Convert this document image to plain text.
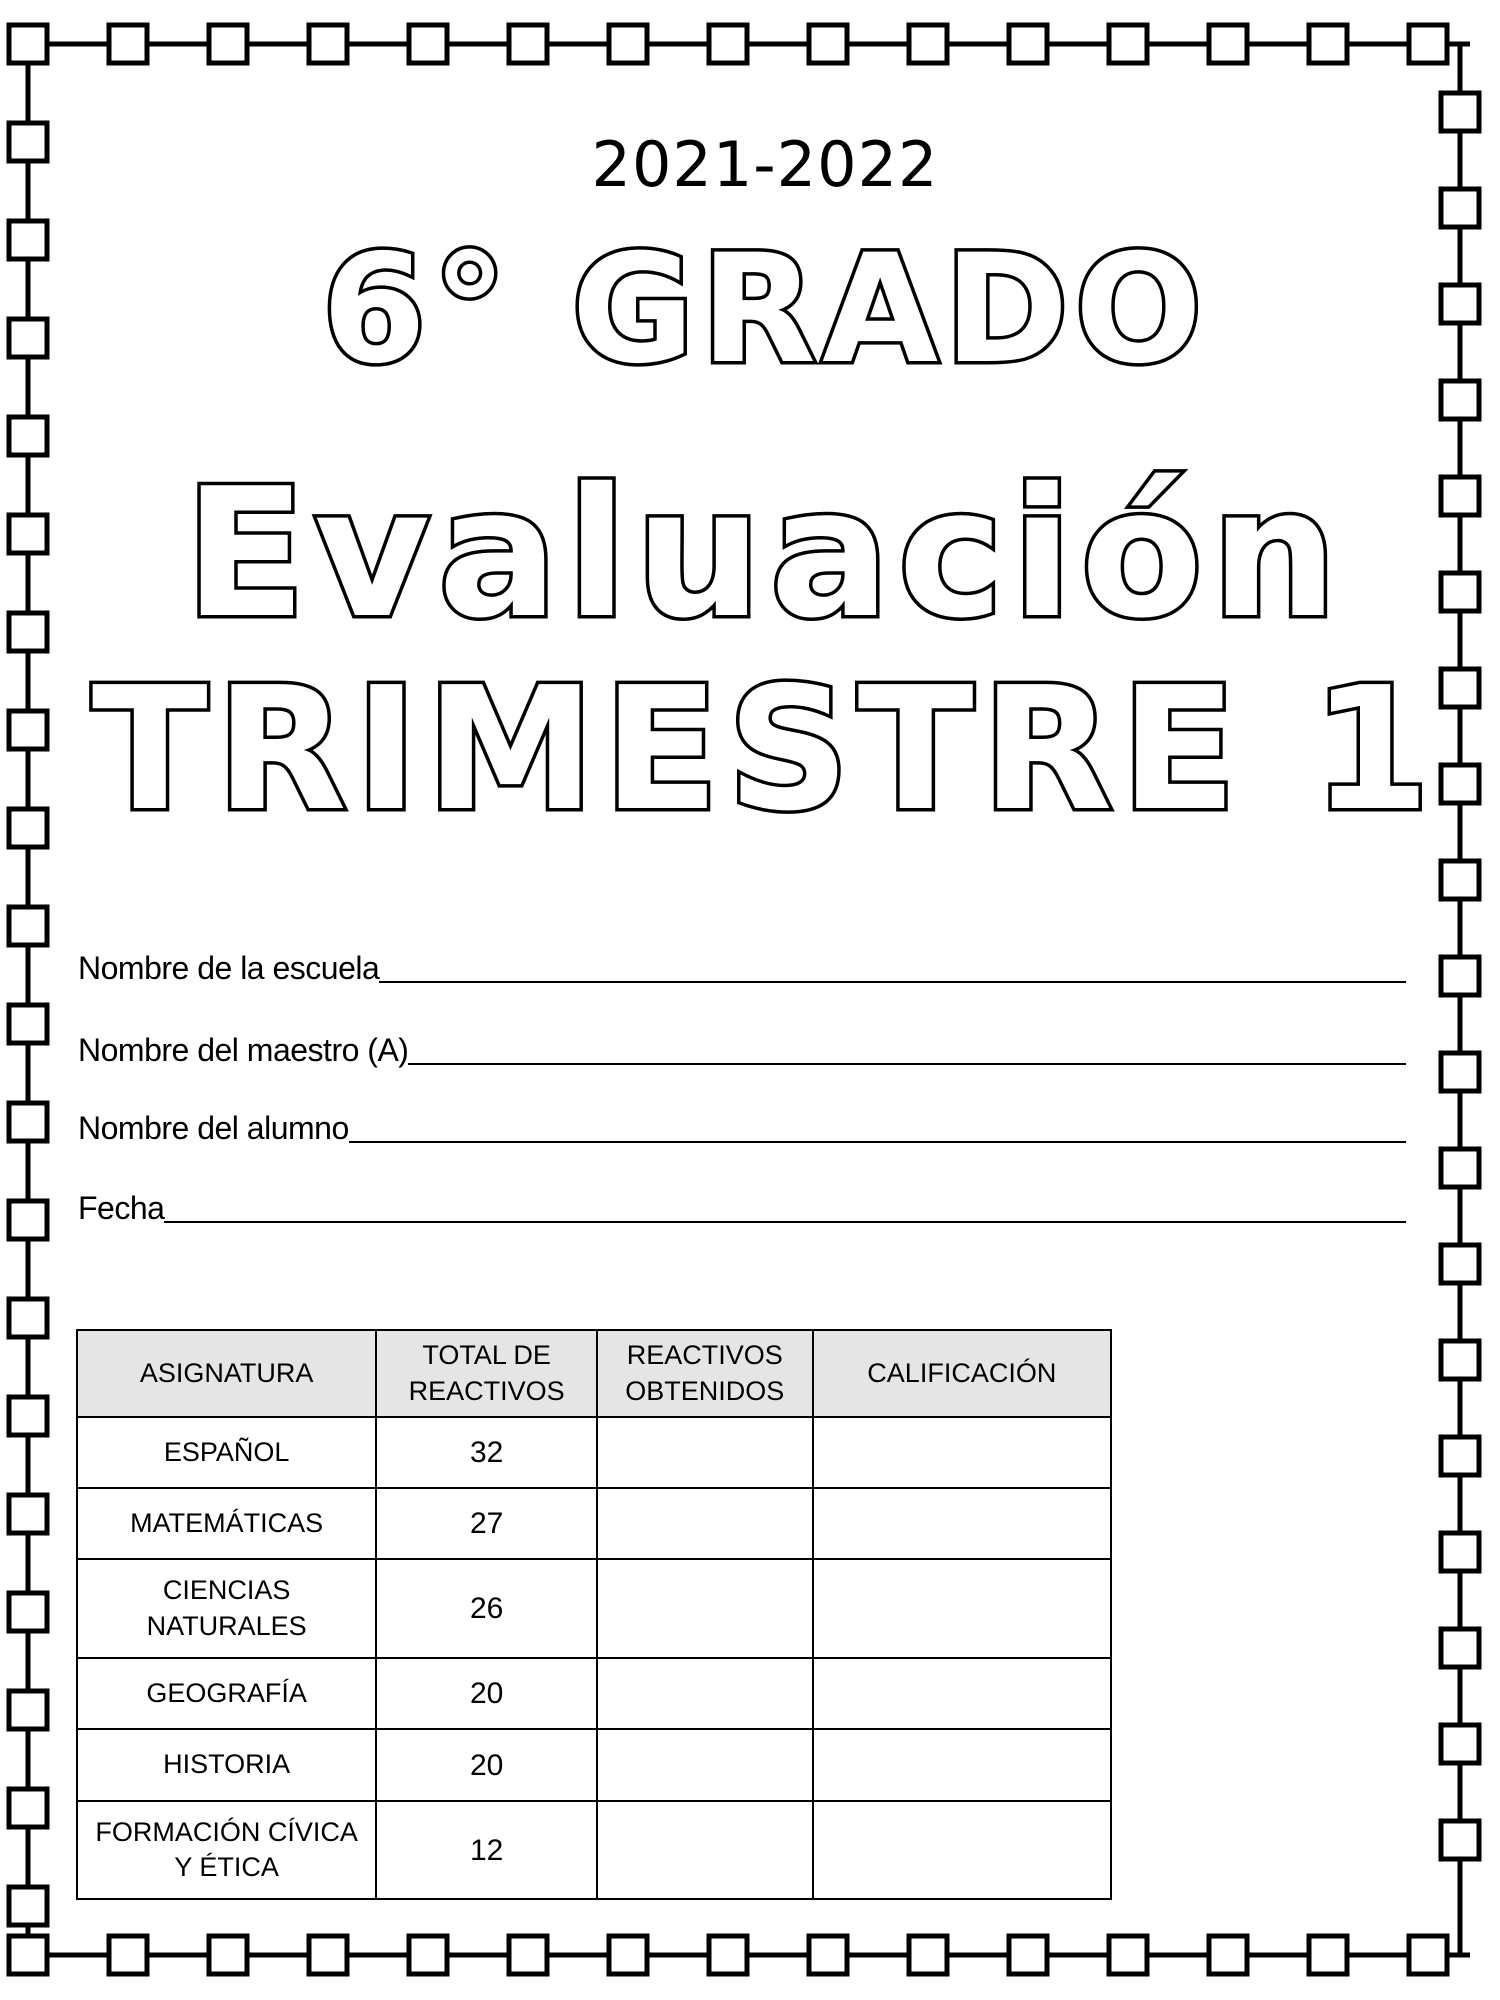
2021-2022
6° GRADO
Evaluación
TRIMESTRE 1
Nombre de la escuela
Nombre del maestro (A)
Nombre del alumno
Fecha
ASIGNATURA	TOTAL DE REACTIVOS	REACTIVOS OBTENIDOS	CALIFICACIÓN
ESPAÑOL	32		
MATEMÁTICAS	27		
CIENCIAS NATURALES	26		
GEOGRAFÍA	20		
HISTORIA	20		
FORMACIÓN CÍVICA Y ÉTICA	12		
